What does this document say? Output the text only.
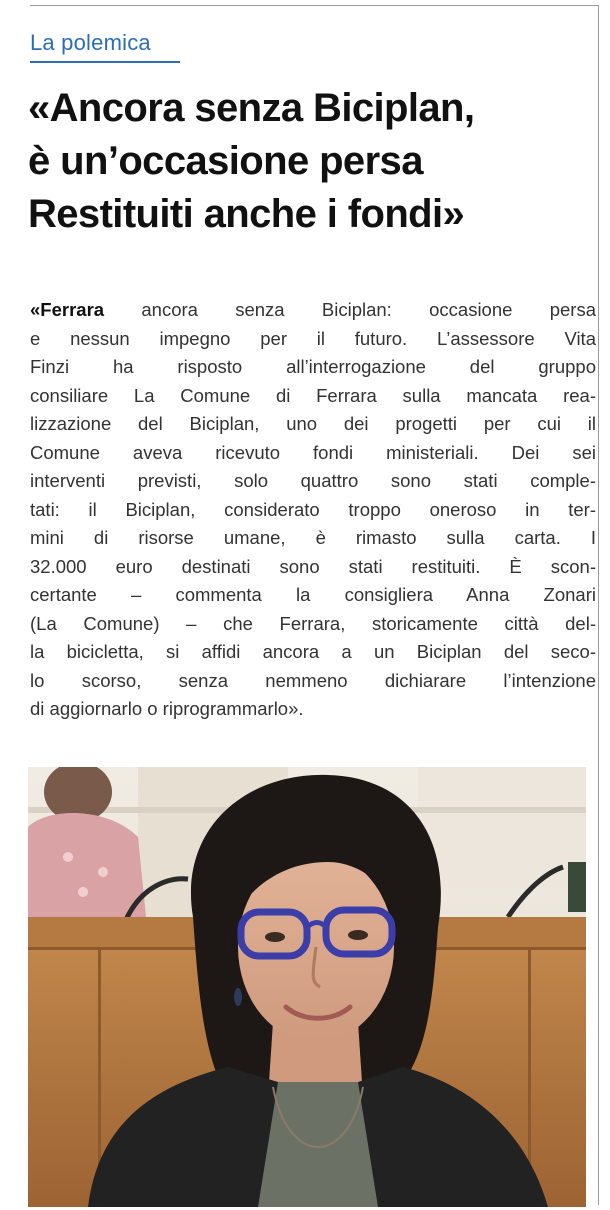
La polemica
«Ancora senza Biciplan,
è un’occasione persa
Restituiti anche i fondi»
«Ferrara ancora senza Biciplan: occasione persa
e nessun impegno per il futuro. L’assessore Vita
Finzi ha risposto all’interrogazione del gruppo
consiliare La Comune di Ferrara sulla mancata rea-
lizzazione del Biciplan, uno dei progetti per cui il
Comune aveva ricevuto fondi ministeriali. Dei sei
interventi previsti, solo quattro sono stati comple-
tati: il Biciplan, considerato troppo oneroso in ter-
mini di risorse umane, è rimasto sulla carta. I
32.000 euro destinati sono stati restituiti. È scon-
certante – commenta la consigliera Anna Zonari
(La Comune) – che Ferrara, storicamente città del-
la bicicletta, si affidi ancora a un Biciplan del seco-
lo scorso, senza nemmeno dichiarare l’intenzione
di aggiornarlo o riprogrammarlo».
